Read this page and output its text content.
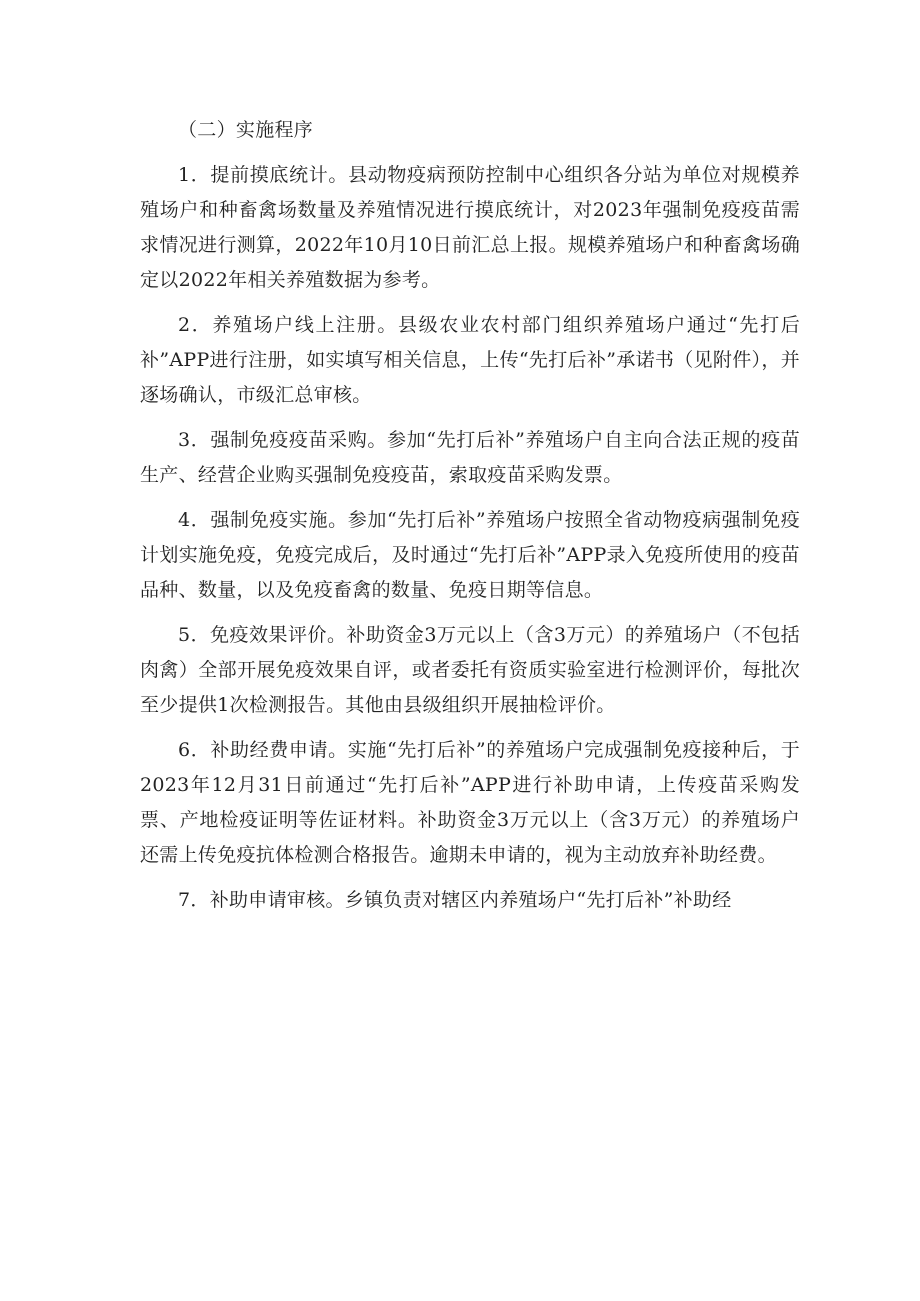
（二）实施程序

1．提前摸底统计。县动物疫病预防控制中心组织各分站为单位对规模养殖场户和种畜禽场数量及养殖情况进行摸底统计，对2023年强制免疫疫苗需求情况进行测算，2022年10月10日前汇总上报。规模养殖场户和种畜禽场确定以2022年相关养殖数据为参考。

2．养殖场户线上注册。县级农业农村部门组织养殖场户通过“先打后补”APP进行注册，如实填写相关信息，上传“先打后补”承诺书（见附件），并逐场确认，市级汇总审核。

3．强制免疫疫苗采购。参加“先打后补”养殖场户自主向合法正规的疫苗生产、经营企业购买强制免疫疫苗，索取疫苗采购发票。

4．强制免疫实施。参加“先打后补”养殖场户按照全省动物疫病强制免疫计划实施免疫，免疫完成后，及时通过“先打后补”APP录入免疫所使用的疫苗品种、数量，以及免疫畜禽的数量、免疫日期等信息。

5．免疫效果评价。补助资金3万元以上（含3万元）的养殖场户（不包括肉禽）全部开展免疫效果自评，或者委托有资质实验室进行检测评价，每批次至少提供1次检测报告。其他由县级组织开展抽检评价。

6．补助经费申请。实施“先打后补”的养殖场户完成强制免疫接种后，于2023年12月31日前通过“先打后补”APP进行补助申请，上传疫苗采购发票、产地检疫证明等佐证材料。补助资金3万元以上（含3万元）的养殖场户还需上传免疫抗体检测合格报告。逾期未申请的，视为主动放弃补助经费。

7．补助申请审核。乡镇负责对辖区内养殖场户“先打后补”补助经
